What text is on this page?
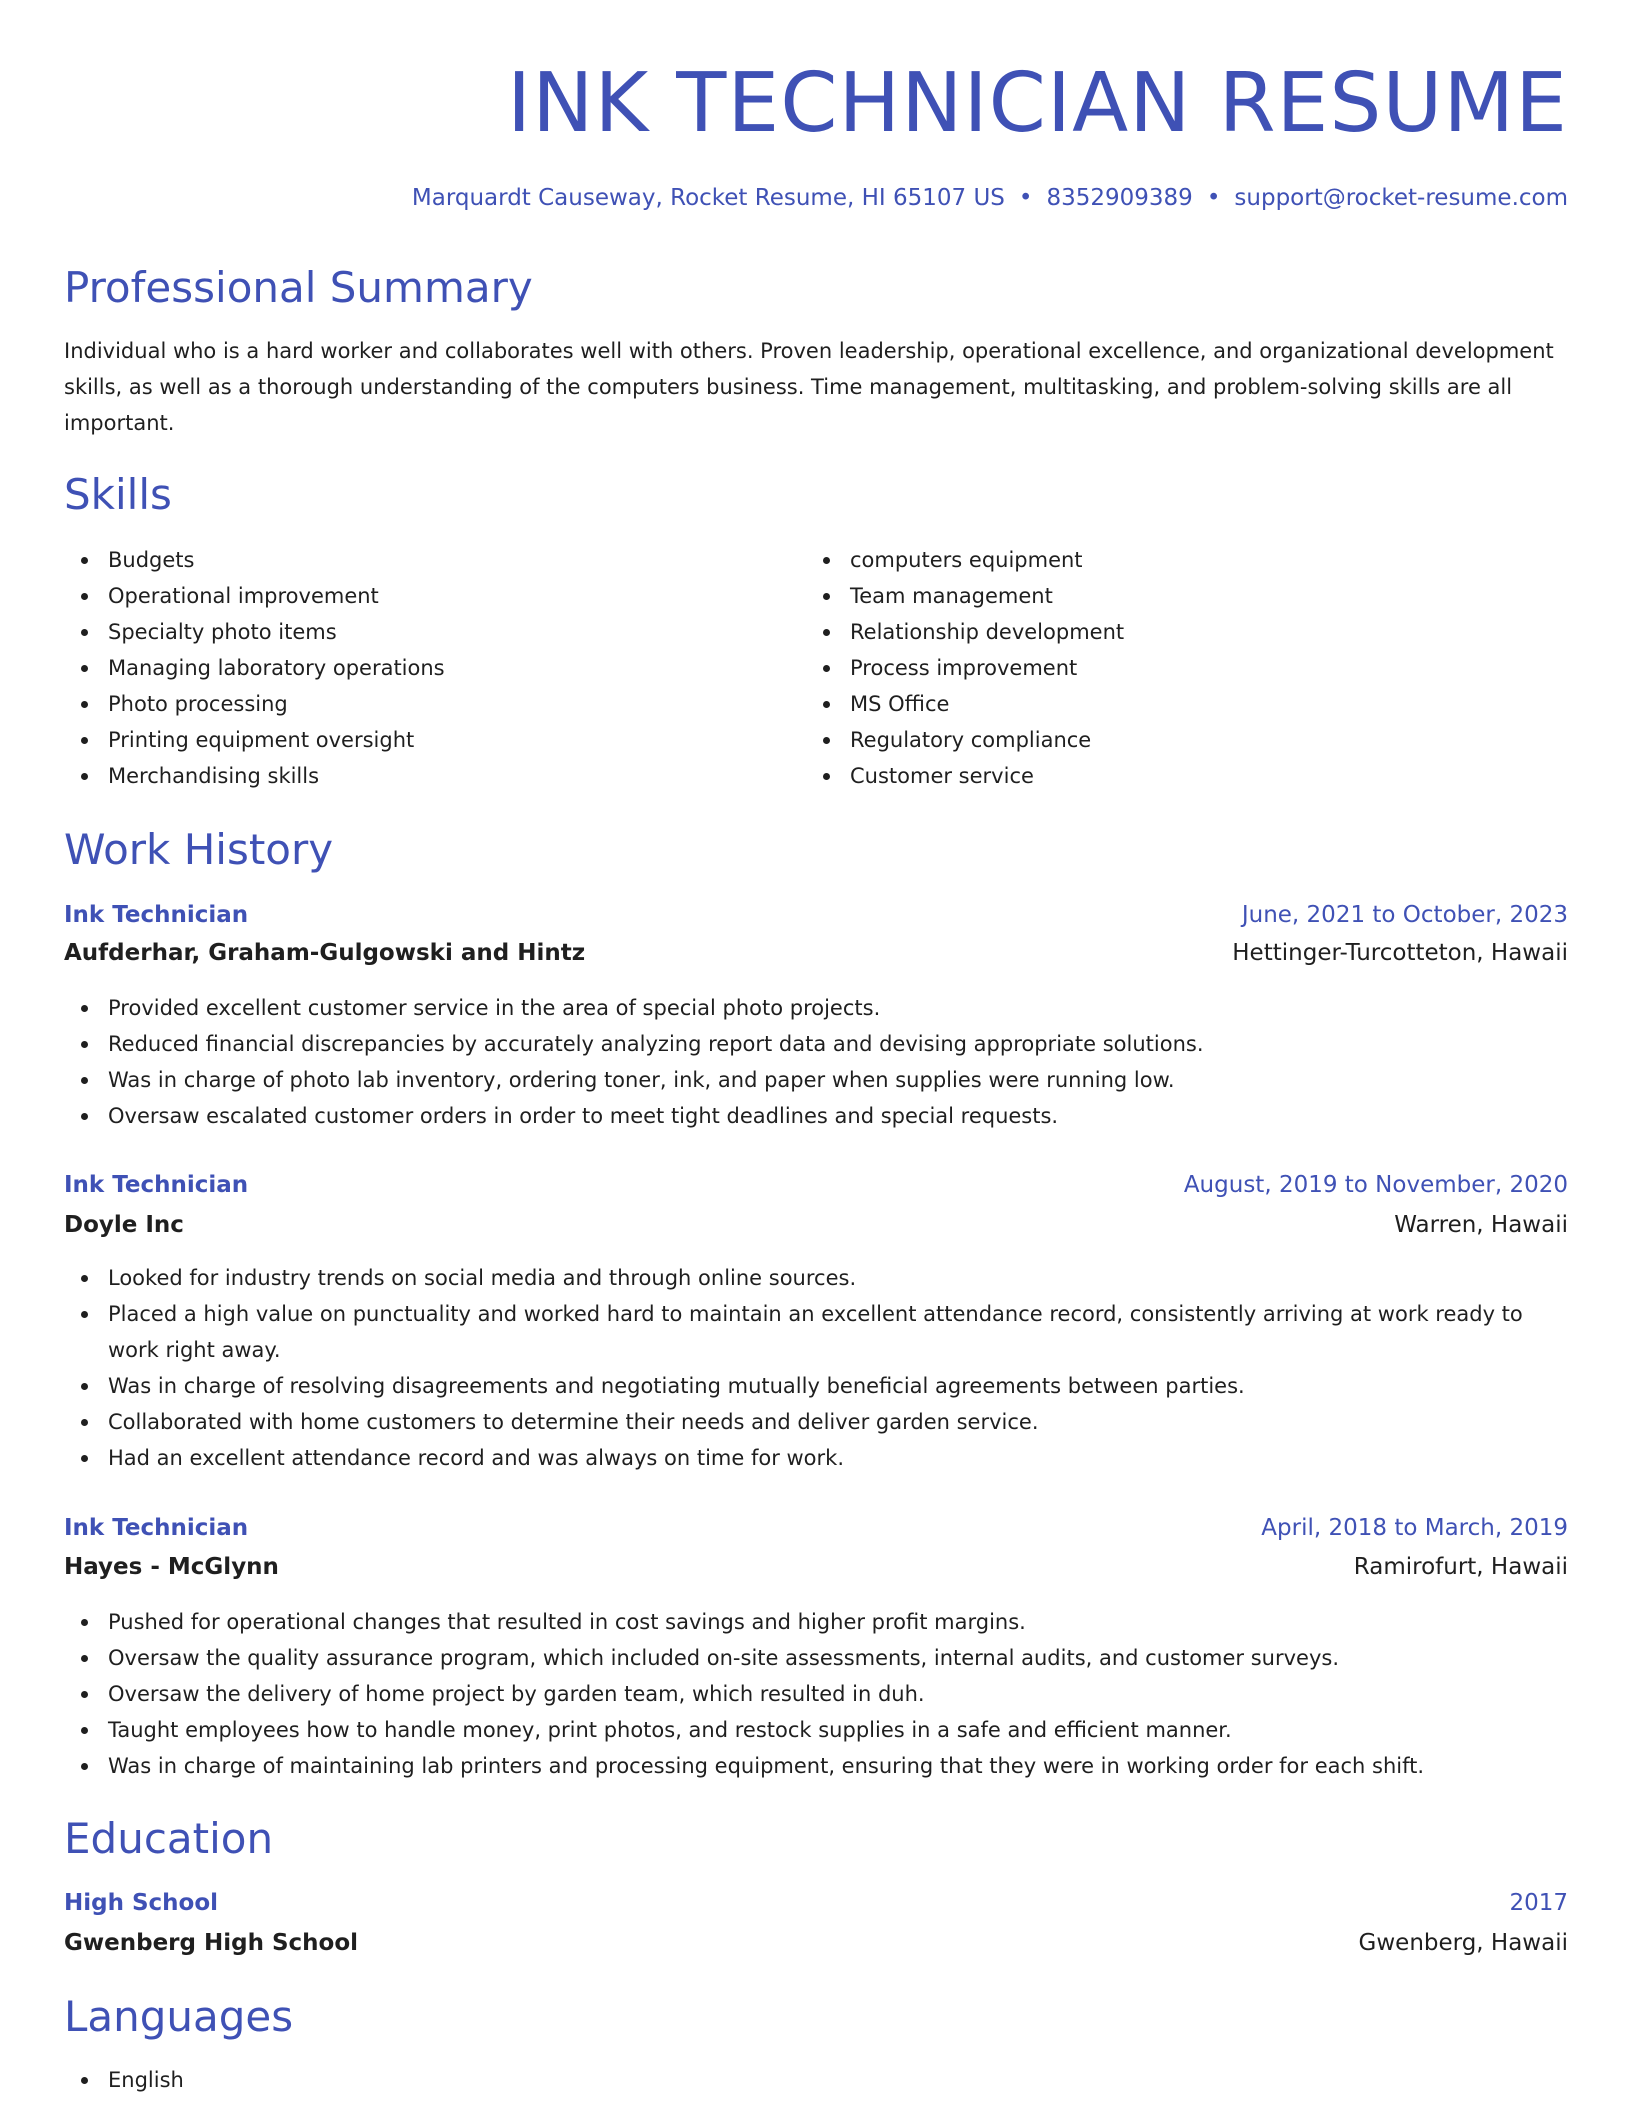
INK TECHNICIAN RESUME
Marquardt Causeway, Rocket Resume, HI 65107 US • 8352909389 • support@rocket-resume.com
Professional Summary

Individual who is a hard worker and collaborates well with others. Proven leadership, operational excellence, and organizational development skills, as well as a thorough understanding of the computers business. Time management, multitasking, and problem-solving skills are all important.

Skills
Budgets
Operational improvement
Specialty photo items
Managing laboratory operations
Photo processing
Printing equipment oversight
Merchandising skills
computers equipment
Team management
Relationship development
Process improvement
MS Office
Regulatory compliance
Customer service
Work History
Ink Technician	June, 2021 to October, 2023
Aufderhar, Graham-Gulgowski and Hintz	Hettinger-Turcotteton, Hawaii
Provided excellent customer service in the area of special photo projects.
Reduced financial discrepancies by accurately analyzing report data and devising appropriate solutions.
Was in charge of photo lab inventory, ordering toner, ink, and paper when supplies were running low.
Oversaw escalated customer orders in order to meet tight deadlines and special requests.
Ink Technician	August, 2019 to November, 2020
Doyle Inc	Warren, Hawaii
Looked for industry trends on social media and through online sources.
Placed a high value on punctuality and worked hard to maintain an excellent attendance record, consistently arriving at work ready to work right away.
Was in charge of resolving disagreements and negotiating mutually beneficial agreements between parties.
Collaborated with home customers to determine their needs and deliver garden service.
Had an excellent attendance record and was always on time for work.
Ink Technician	April, 2018 to March, 2019
Hayes - McGlynn	Ramirofurt, Hawaii
Pushed for operational changes that resulted in cost savings and higher profit margins.
Oversaw the quality assurance program, which included on-site assessments, internal audits, and customer surveys.
Oversaw the delivery of home project by garden team, which resulted in duh.
Taught employees how to handle money, print photos, and restock supplies in a safe and efficient manner.
Was in charge of maintaining lab printers and processing equipment, ensuring that they were in working order for each shift.
Education
High School	2017
Gwenberg High School	Gwenberg, Hawaii
Languages
English
